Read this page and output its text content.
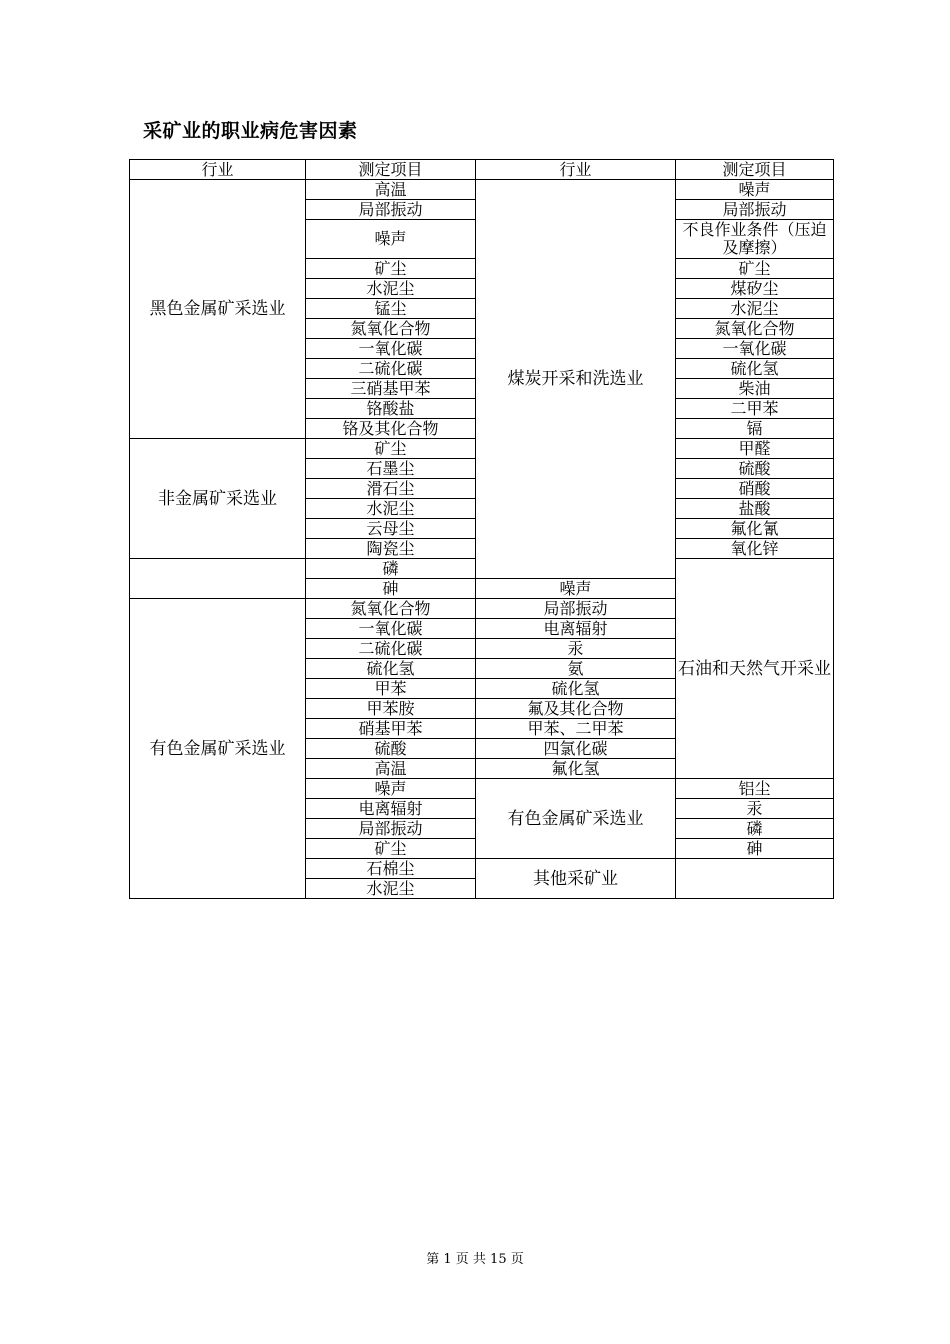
采矿业的职业病危害因素
行业	测定项目	行业	测定项目	
黑色金属矿采选业	高温	煤炭开采和洗选业	噪声	
	局部振动		局部振动	
	噪声		不良作业条件（压迫及摩擦）	
	矿尘		矿尘	
	水泥尘		煤矽尘	
	锰尘		水泥尘	
	氮氧化合物		氮氧化合物	
	一氧化碳		一氧化碳	
	二硫化碳		硫化氢	
	三硝基甲苯		柴油	
	铬酸盐		二甲苯	
	铬及其化合物		镉	
非金属矿采选业	矿尘		甲醛	
	石墨尘		硫酸	
	滑石尘		硝酸	
	水泥尘		盐酸	
	云母尘		氟化氰	
	陶瓷尘		氧化锌	
	磷		石油和天然气开采业	
	砷	噪声		
有色金属矿采选业	氮氧化合物	局部振动		
	一氧化碳	电离辐射		
	二硫化碳	汞		
	硫化氢	氨		
	甲苯	硫化氢		
	甲苯胺	氟及其化合物		
	硝基甲苯	甲苯、二甲苯		
	硫酸	四氯化碳		
	高温	氟化氢		
	噪声	有色金属矿采选业	铝尘	
	电离辐射		汞	
	局部振动		磷	
	矿尘		砷	
	石棉尘	其他采矿业		
	水泥尘			
第 1 页 共 15 页
